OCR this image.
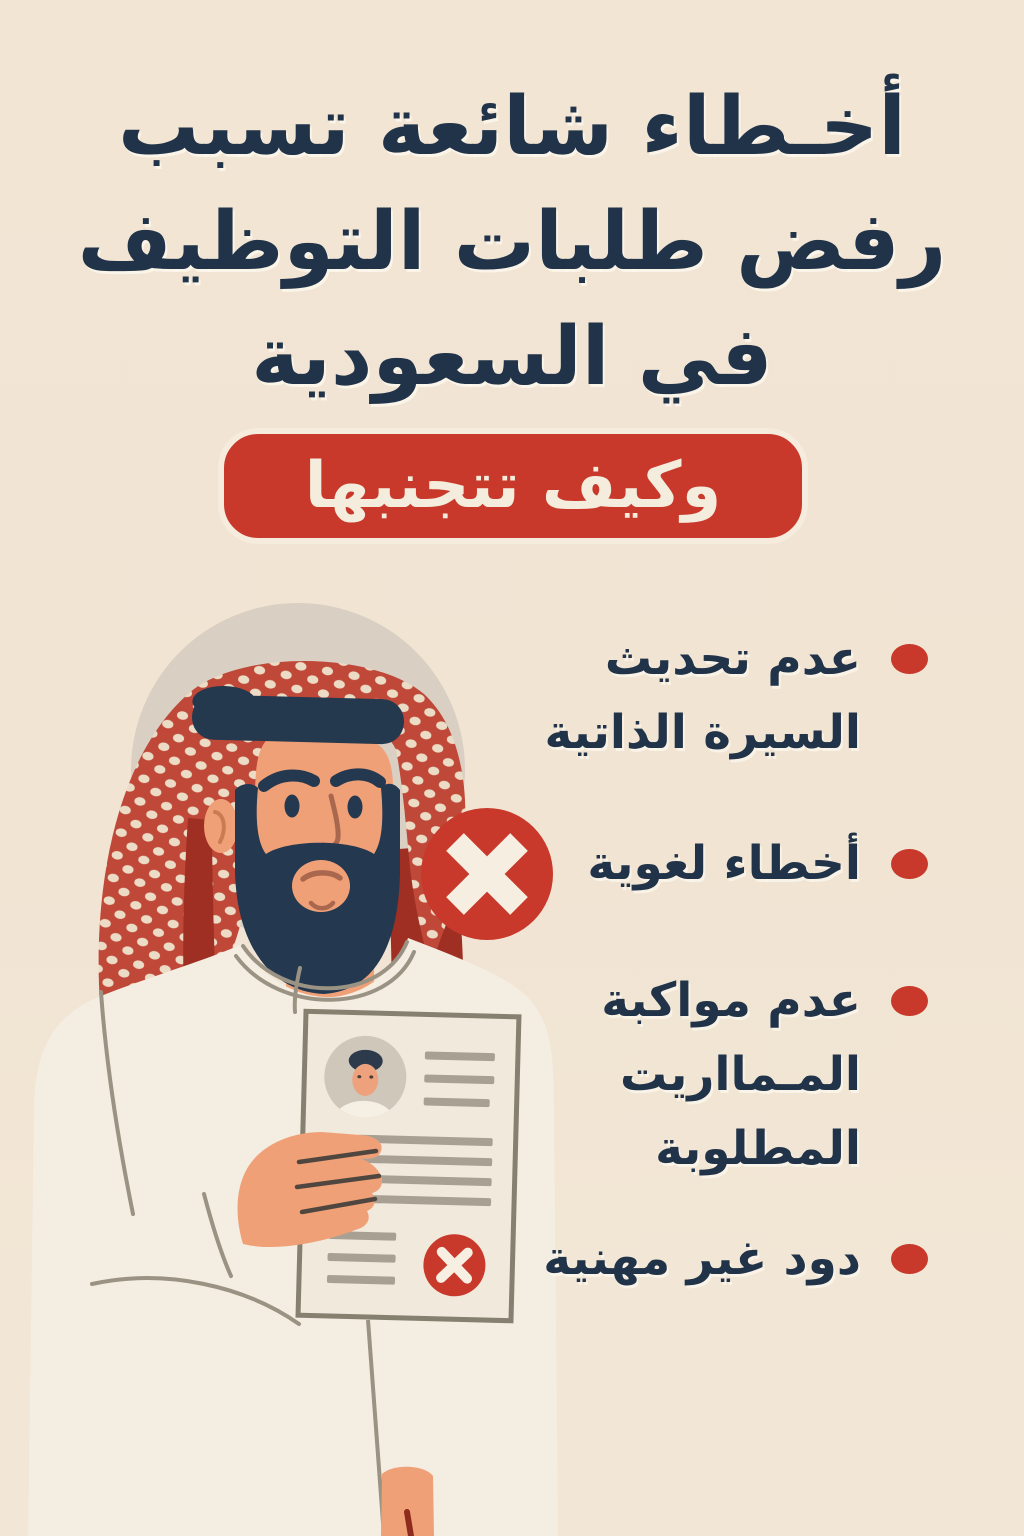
أخـطاء شائعة تسبب
رفض طلبات التوظيف
في السعودية
وكيف تتجنبها
عدم تحديث
السيرة الذاتية
أخطاء لغوية
عدم مواكبة
المـمااريت
المطلوبة
دود غير مهنية
